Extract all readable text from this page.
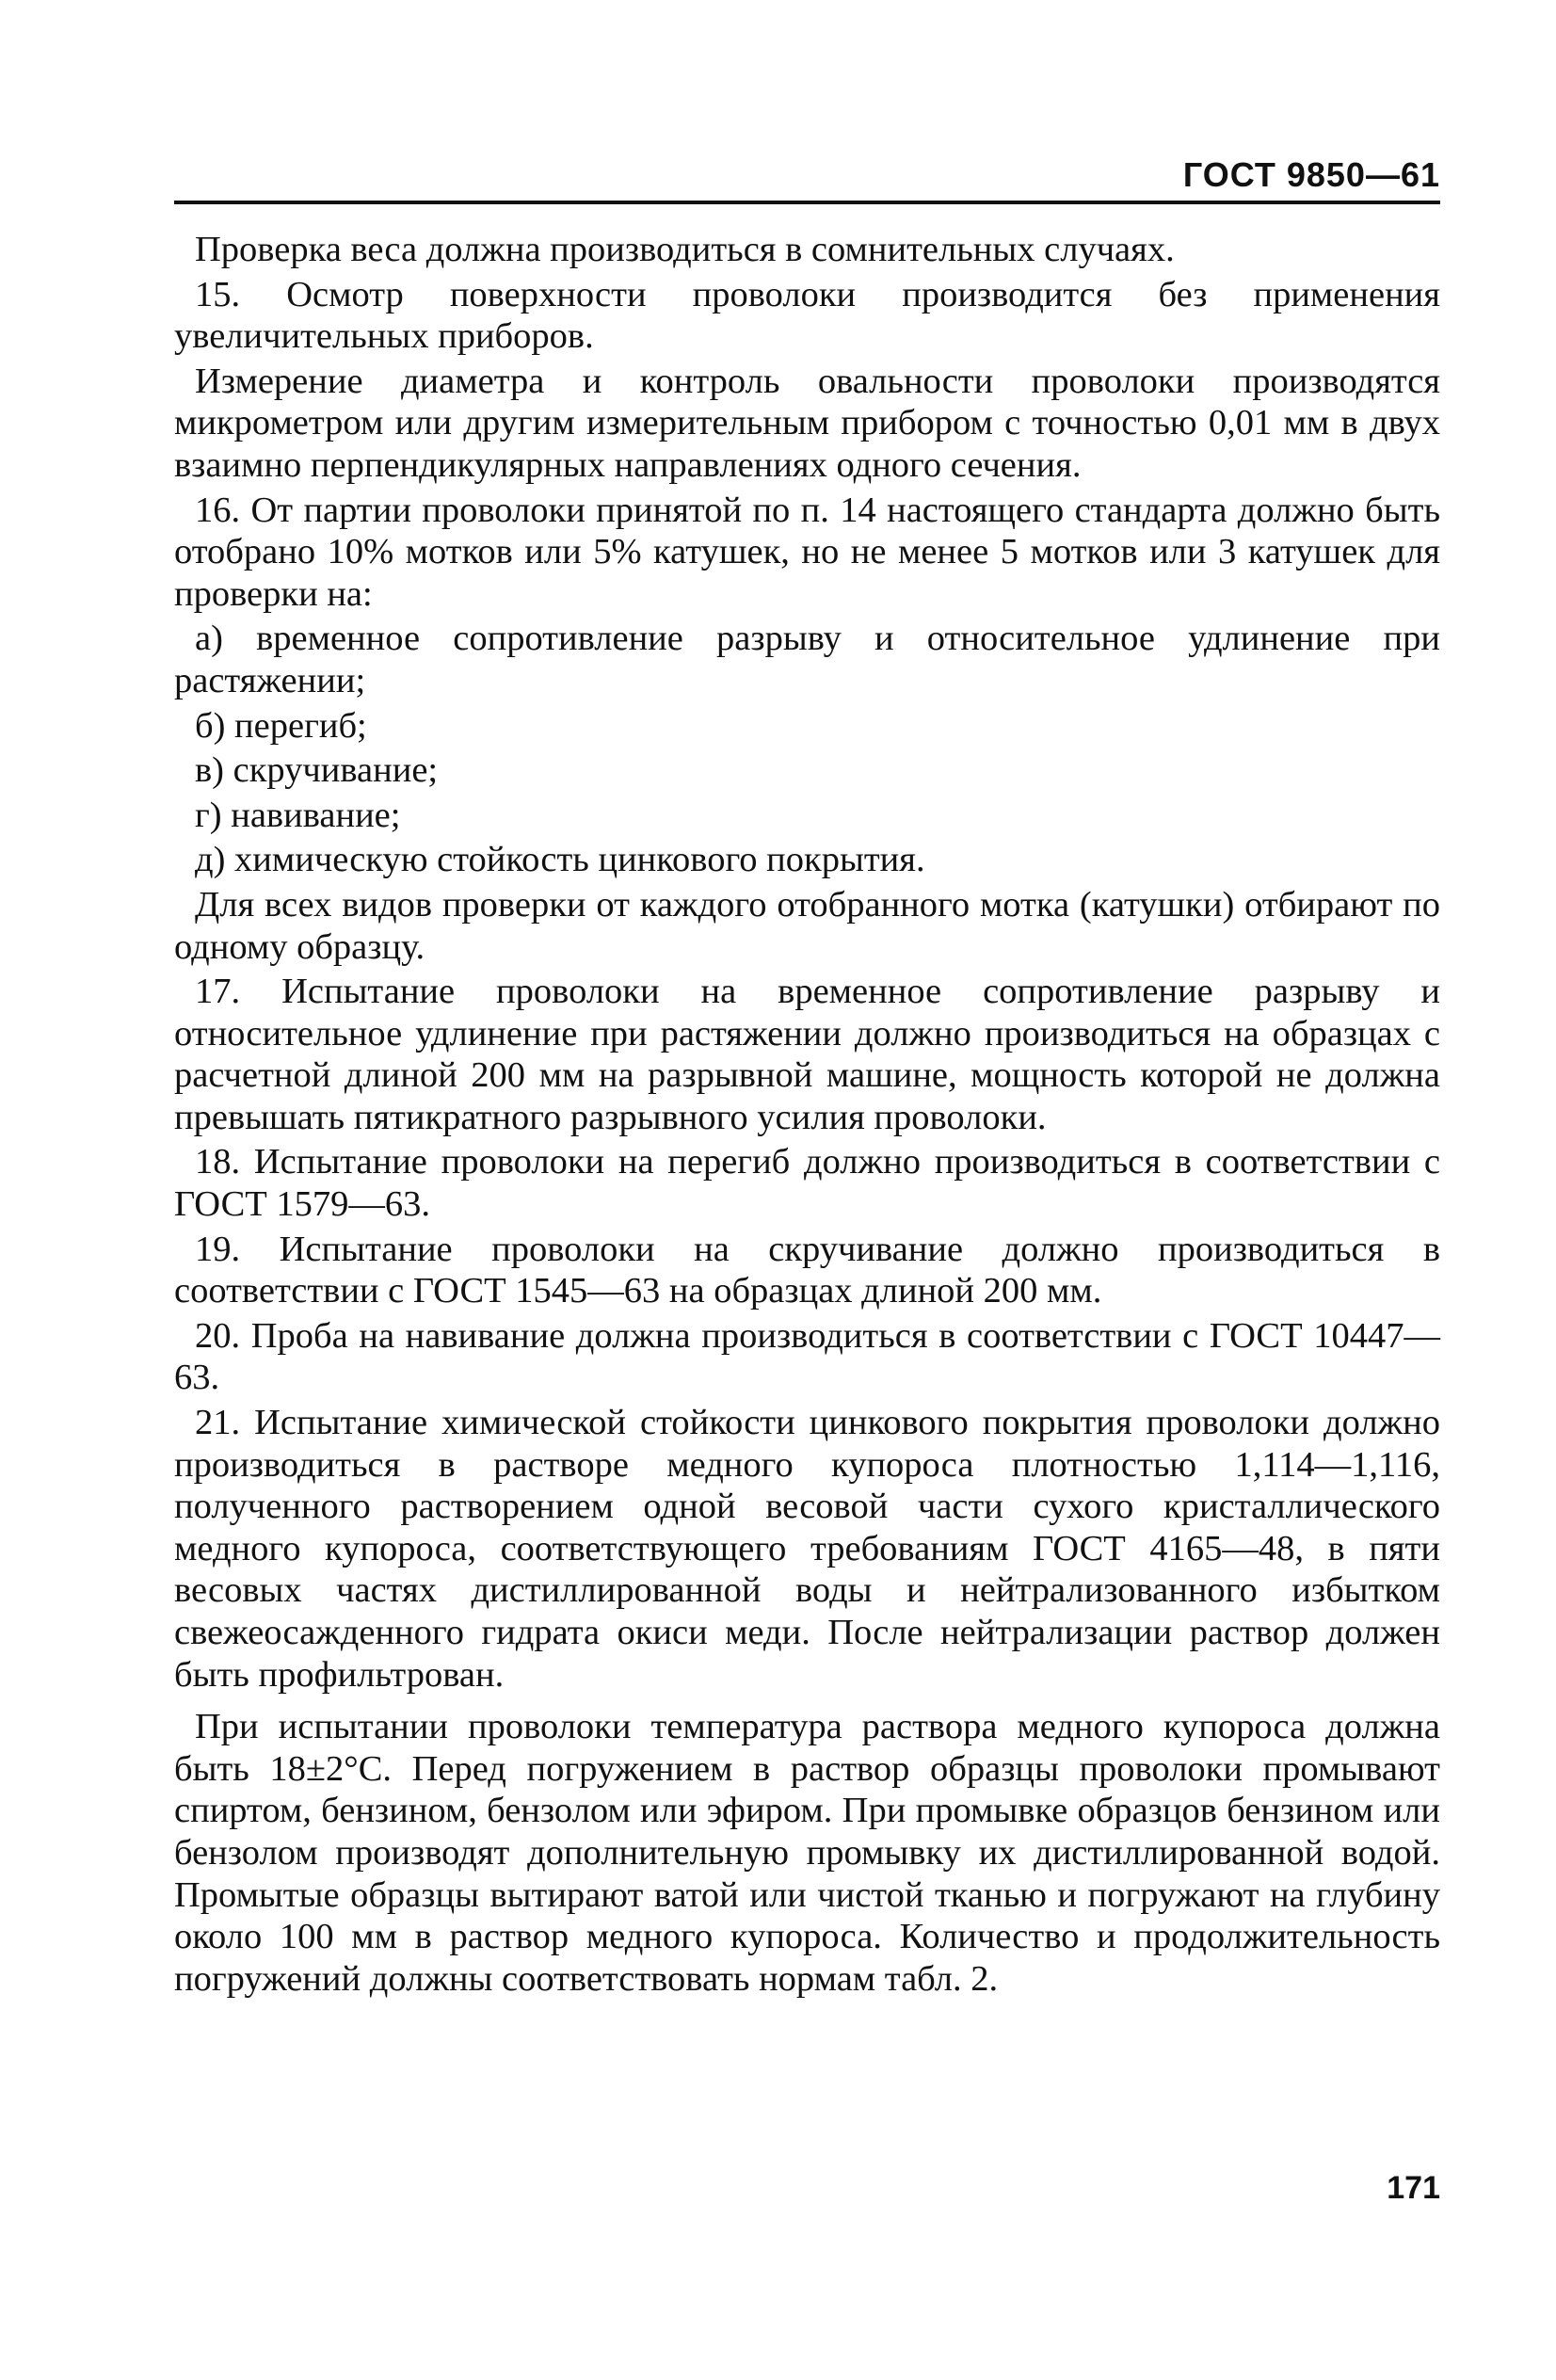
ГОСТ 9850—61

Проверка веса должна производиться в сомнительных случаях.

15. Осмотр поверхности проволоки производится без применения увеличительных приборов.

Измерение диаметра и контроль овальности проволоки производятся микрометром или другим измерительным прибором с точностью 0,01 мм в двух взаимно перпендикулярных направлениях одного сечения.

16. От партии проволоки принятой по п. 14 настоящего стандарта должно быть отобрано 10% мотков или 5% катушек, но не менее 5 мотков или 3 катушек для проверки на:

а) временное сопротивление разрыву и относительное удлинение при растяжении;

б) перегиб;

в) скручивание;

г) навивание;

д) химическую стойкость цинкового покрытия.

Для всех видов проверки от каждого отобранного мотка (катушки) отбирают по одному образцу.

17. Испытание проволоки на временное сопротивление разрыву и относительное удлинение при растяжении должно производиться на образцах с расчетной длиной 200 мм на разрывной машине, мощность которой не должна превышать пятикратного разрывного усилия проволоки.

18. Испытание проволоки на перегиб должно производиться в соответствии с ГОСТ 1579—63.

19. Испытание проволоки на скручивание должно производиться в соответствии с ГОСТ 1545—63 на образцах длиной 200 мм.

20. Проба на навивание должна производиться в соответствии с ГОСТ 10447—63.

21. Испытание химической стойкости цинкового покрытия проволоки должно производиться в растворе медного купороса плотностью 1,114—1,116, полученного растворением одной весовой части сухого кристаллического медного купороса, соответствующего требованиям ГОСТ 4165—48, в пяти весовых частях дистиллированной воды и нейтрализованного избытком свежеосажденного гидрата окиси меди. После нейтрализации раствор должен быть профильтрован.

При испытании проволоки температура раствора медного купороса должна быть 18±2°С. Перед погружением в раствор образцы проволоки промывают спиртом, бензином, бензолом или эфиром. При промывке образцов бензином или бензолом производят дополнительную промывку их дистиллированной водой. Промытые образцы вытирают ватой или чистой тканью и погружают на глубину около 100 мм в раствор медного купороса. Количество и продолжительность погружений должны соответствовать нормам табл. 2.

171
